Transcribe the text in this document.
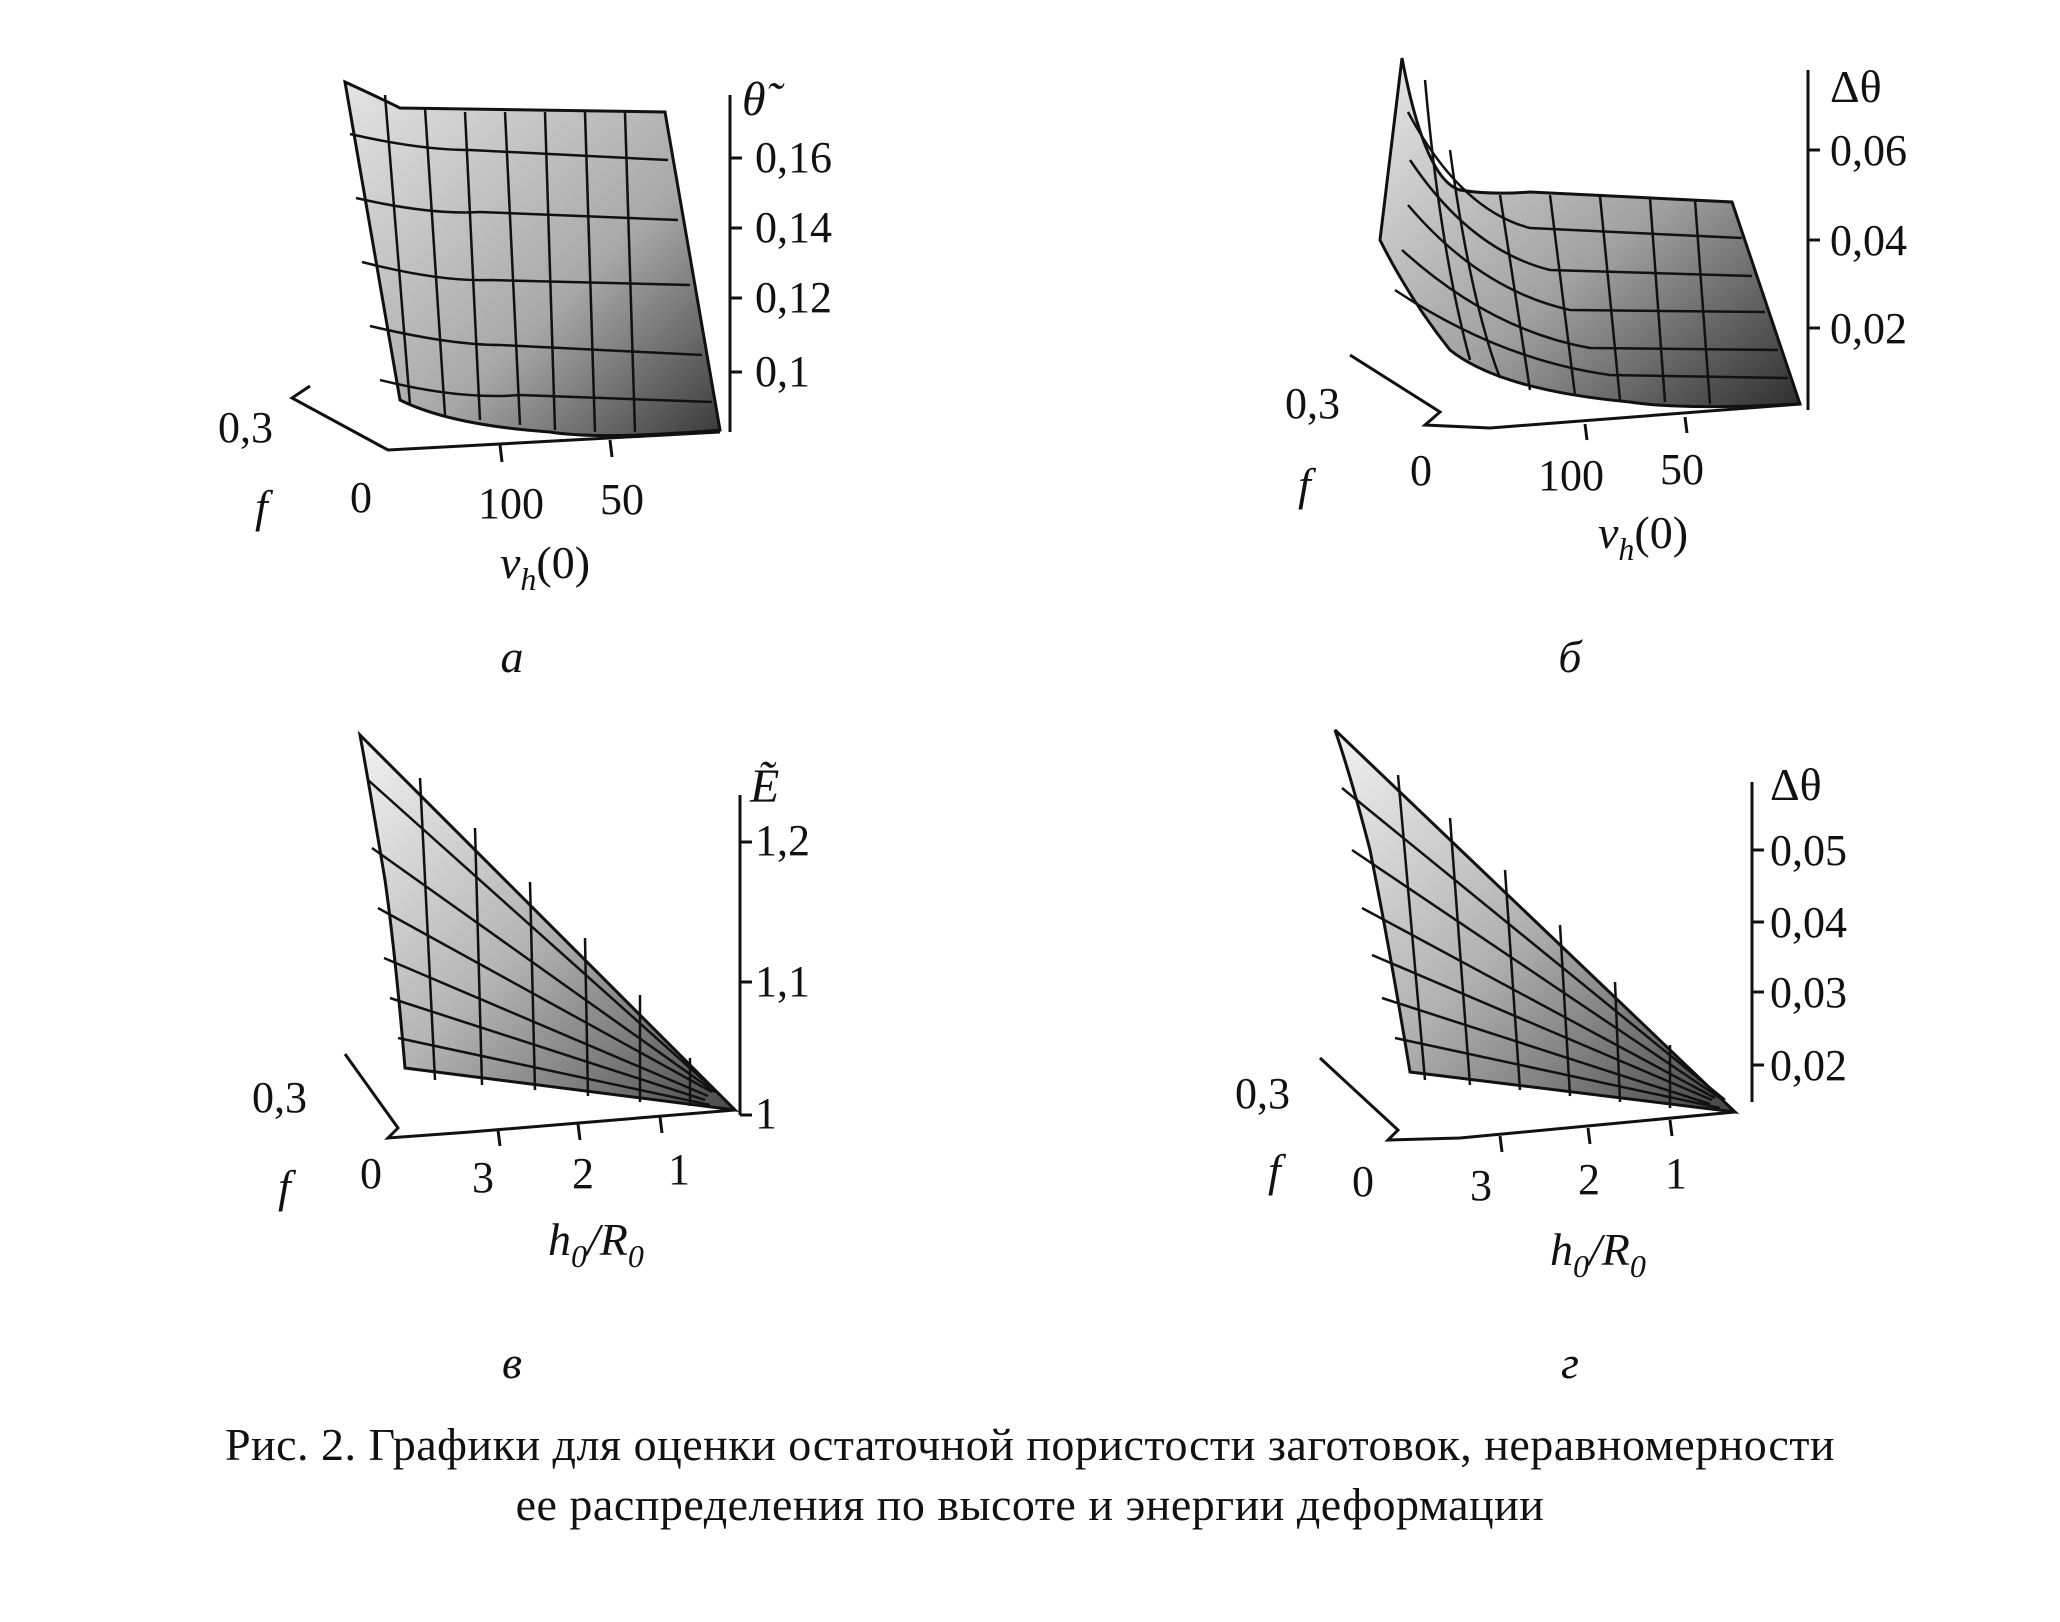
θ̃
0,16
0,14
0,12
0,1
0,3
0
f	100 50
$v_h(0)$
а
Δθ
0,06
0,04
0,02
0,3
0
f	100 50
$v_h(0)$
б
Ẽ
1,2
1,1
1
0,3
0
f	3 2 1
$h_0/R_0$
в
Δθ
0,05
0,04
0,03
0,02
0,3
0
f	3 2 1
$h_0/R_0$
г
Рис. 2. Графики для оценки остаточной пористости заготовок, неравномерности
ее распределения по высоте и энергии деформации
